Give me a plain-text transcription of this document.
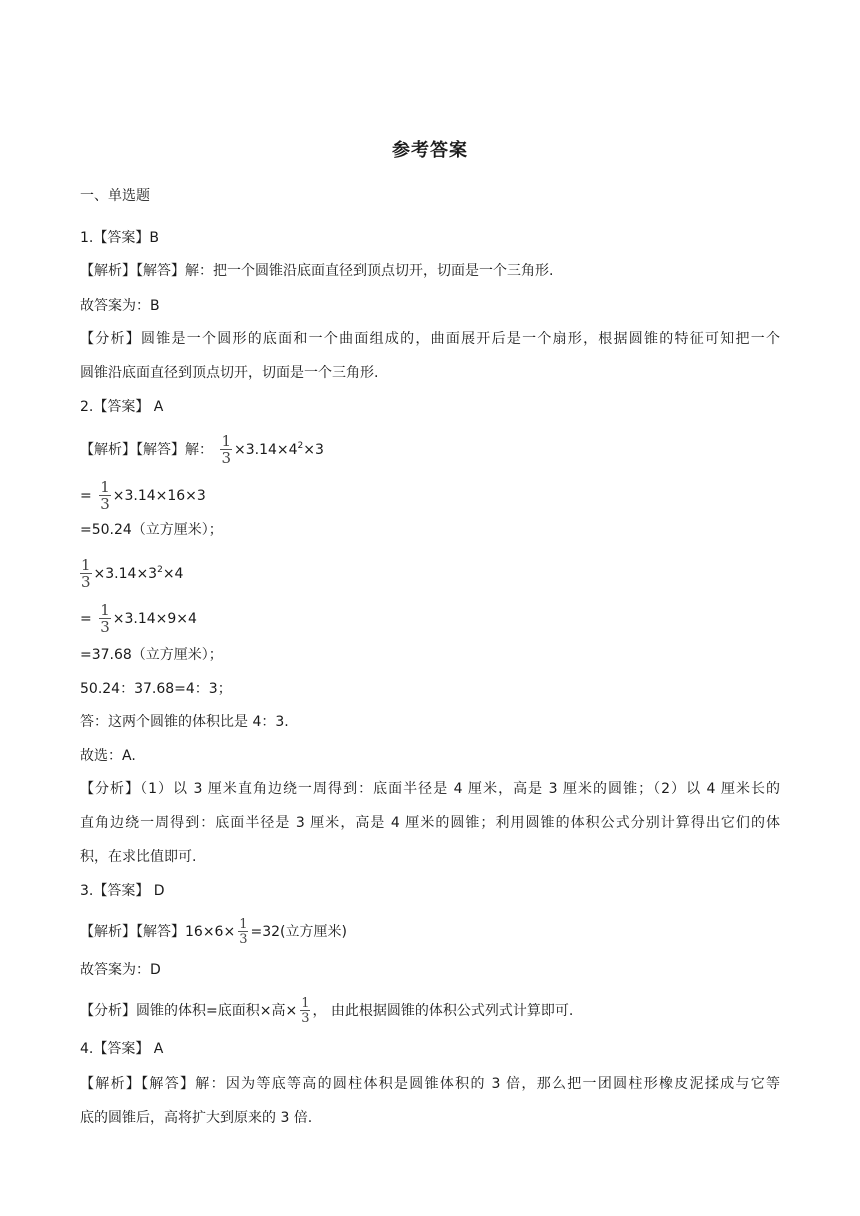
参考答案
一、单选题
1.【答案】B
【解析】【解答】解：把一个圆锥沿底面直径到顶点切开，切面是一个三角形.
故答案为：B
【分析】圆锥是一个圆形的底面和一个曲面组成的，曲面展开后是一个扇形，根据圆锥的特征可知把一个
圆锥沿底面直径到顶点切开，切面是一个三角形.
2.【答案】 A
【解析】【解答】解： $\frac{1}{3} \times 3.14\times 4^2\times 3$
= $\frac{1}{3} \times 3.14\times 16\times 3$
=50.24（立方厘米）；
$\frac{1}{3} \times 3.14\times 3^2\times 4$
= $\frac{1}{3} \times 3.14\times 9\times 4$
=37.68（立方厘米）；
50.24：37.68=4：3；
答：这两个圆锥的体积比是 4：3.
故选：A.
【分析】（1）以 3 厘米直角边绕一周得到：底面半径是 4 厘米，高是 3 厘米的圆锥；（2）以 4 厘米长的
直角边绕一周得到：底面半径是 3 厘米，高是 4 厘米的圆锥；利用圆锥的体积公式分别计算得出它们的体
积，在求比值即可.
3.【答案】 D
【解析】【解答】$16\times 6\times \frac{1}{3} =32$(立方厘米)
故答案为：D
【分析】圆锥的体积=底面积×高× $\frac{1}{3}$ ， 由此根据圆锥的体积公式列式计算即可.
4.【答案】 A
【解析】【解答】解：因为等底等高的圆柱体积是圆锥体积的 3 倍，那么把一团圆柱形橡皮泥揉成与它等
底的圆锥后，高将扩大到原来的 3 倍.
